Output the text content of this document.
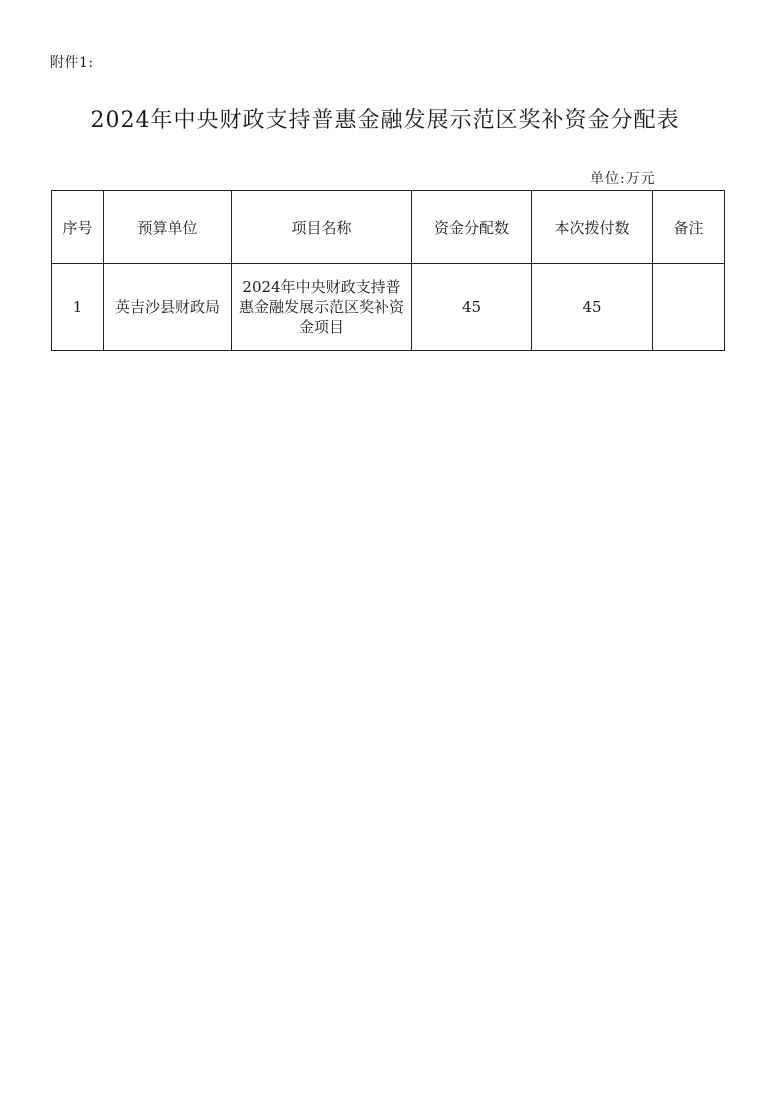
附件1:
2024年中央财政支持普惠金融发展示范区奖补资金分配表
单位:万元
序号	预算单位	项目名称	资金分配数	本次拨付数	备注
1	英吉沙县财政局	2024年中央财政支持普惠金融发展示范区奖补资金项目	45	45	
